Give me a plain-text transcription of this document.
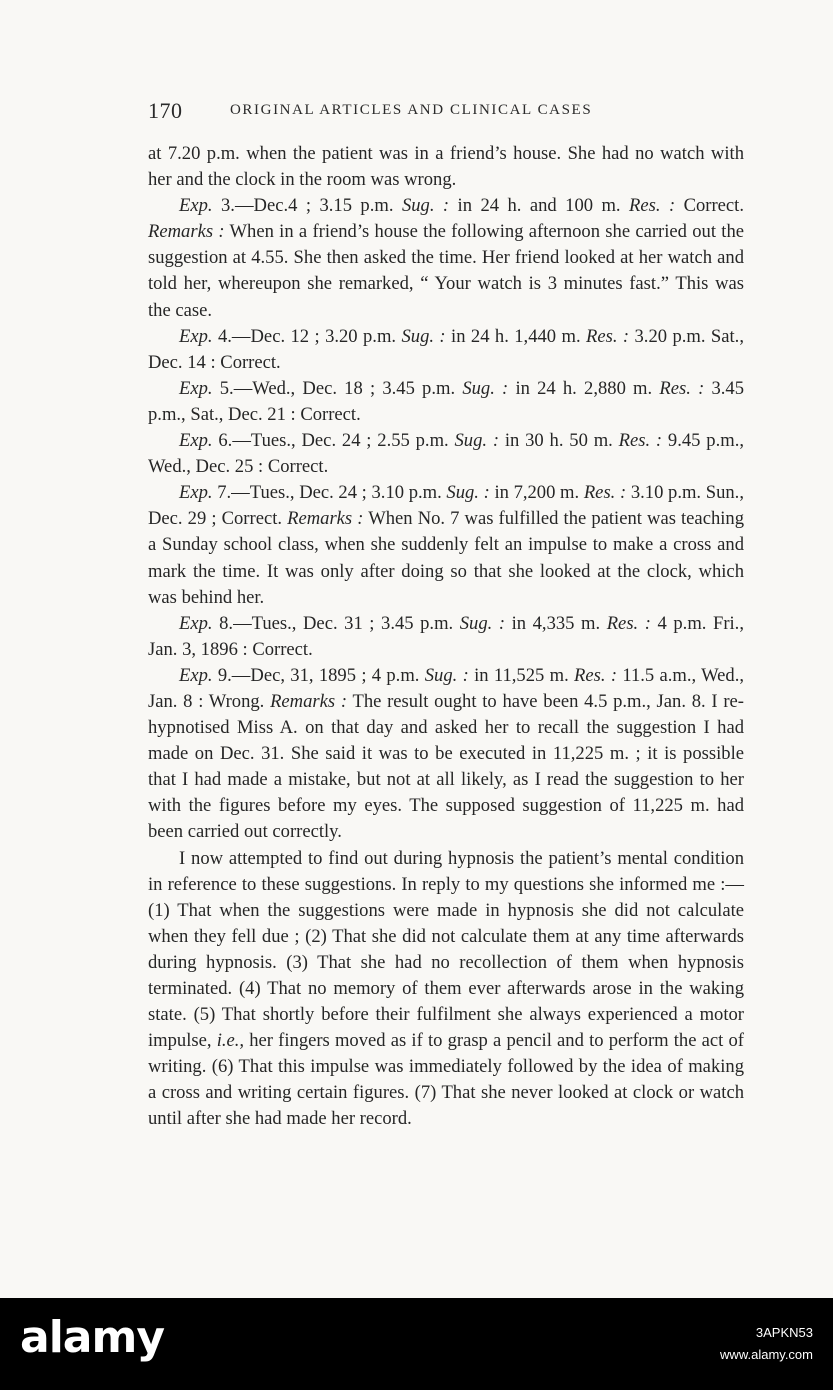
170	ORIGINAL ARTICLES AND CLINICAL CASES

at 7.20 p.m. when the patient was in a friend’s house. She had no watch with her and the clock in the room was wrong.

Exp. 3.—Dec.4 ; 3.15 p.m. Sug. : in 24 h. and 100 m. Res. : Correct. Remarks : When in a friend’s house the following afternoon she carried out the suggestion at 4.55. She then asked the time. Her friend looked at her watch and told her, whereupon she remarked, “ Your watch is 3 minutes fast.” This was the case.

Exp. 4.—Dec. 12 ; 3.20 p.m. Sug. : in 24 h. 1,440 m. Res. : 3.20 p.m. Sat., Dec. 14 : Correct.

Exp. 5.—Wed., Dec. 18 ; 3.45 p.m. Sug. : in 24 h. 2,880 m. Res. : 3.45 p.m., Sat., Dec. 21 : Correct.

Exp. 6.—Tues., Dec. 24 ; 2.55 p.m. Sug. : in 30 h. 50 m. Res. : 9.45 p.m., Wed., Dec. 25 : Correct.

Exp. 7.—Tues., Dec. 24 ; 3.10 p.m. Sug. : in 7,200 m. Res. : 3.10 p.m. Sun., Dec. 29 ; Correct. Remarks : When No. 7 was fulfilled the patient was teaching a Sunday school class, when she suddenly felt an impulse to make a cross and mark the time. It was only after doing so that she looked at the clock, which was behind her.

Exp. 8.—Tues., Dec. 31 ; 3.45 p.m. Sug. : in 4,335 m. Res. : 4 p.m. Fri., Jan. 3, 1896 : Correct.

Exp. 9.—Dec, 31, 1895 ; 4 p.m. Sug. : in 11,525 m. Res. : 11.5 a.m., Wed., Jan. 8 : Wrong. Remarks : The result ought to have been 4.5 p.m., Jan. 8. I re-hypnotised Miss A. on that day and asked her to recall the suggestion I had made on Dec. 31. She said it was to be executed in 11,225 m. ; it is possible that I had made a mistake, but not at all likely, as I read the suggestion to her with the figures before my eyes. The supposed suggestion of 11,225 m. had been carried out correctly.

I now attempted to find out during hypnosis the patient’s mental condition in reference to these suggestions. In reply to my questions she informed me :—(1) That when the suggestions were made in hypnosis she did not calculate when they fell due ; (2) That she did not calculate them at any time afterwards during hypnosis. (3) That she had no recollection of them when hypnosis terminated. (4) That no memory of them ever afterwards arose in the waking state. (5) That shortly before their fulfilment she always experienced a motor impulse, i.e., her fingers moved as if to grasp a pencil and to perform the act of writing. (6) That this impulse was immediately followed by the idea of making a cross and writing certain figures. (7) That she never looked at clock or watch until after she had made her record.

alamy	3APKN53
www.alamy.com
